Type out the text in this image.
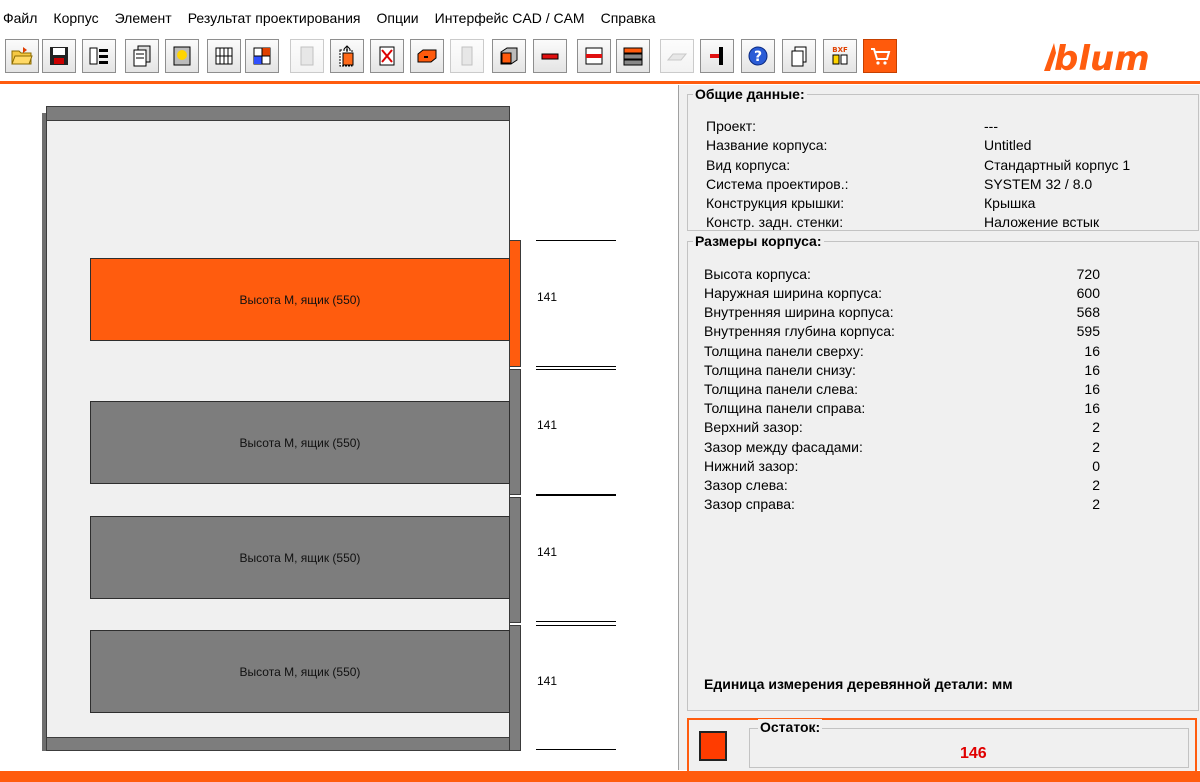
Файл	Корпус	Элемент	Результат проектирования	Опции	Интерфейс CAD / CAM	Справка
?	BXF	blum
Высота M, ящик (550)
Высота M, ящик (550)
Высота M, ящик (550)
Высота M, ящик (550)
141
141
141
141
Общие данные:
Проект:	---
Название корпуса:	Untitled
Вид корпуса:	Стандартный корпус 1
Система проектиров.:	SYSTEM 32 / 8.0
Конструкция крышки:	Крышка
Констр. задн. стенки:	Наложение встык
Размеры корпуса:
Высота корпуса:	720
Наружная ширина корпуса:	600
Внутренняя ширина корпуса:	568
Внутренняя глубина корпуса:	595
Толщина панели сверху:	16
Толщина панели снизу:	16
Толщина панели слева:	16
Толщина панели справа:	16
Верхний зазор:	2
Зазор между фасадами:	2
Нижний зазор:	0
Зазор слева:	2
Зазор справа:	2
Единица измерения деревянной детали: мм
Остаток:
146
